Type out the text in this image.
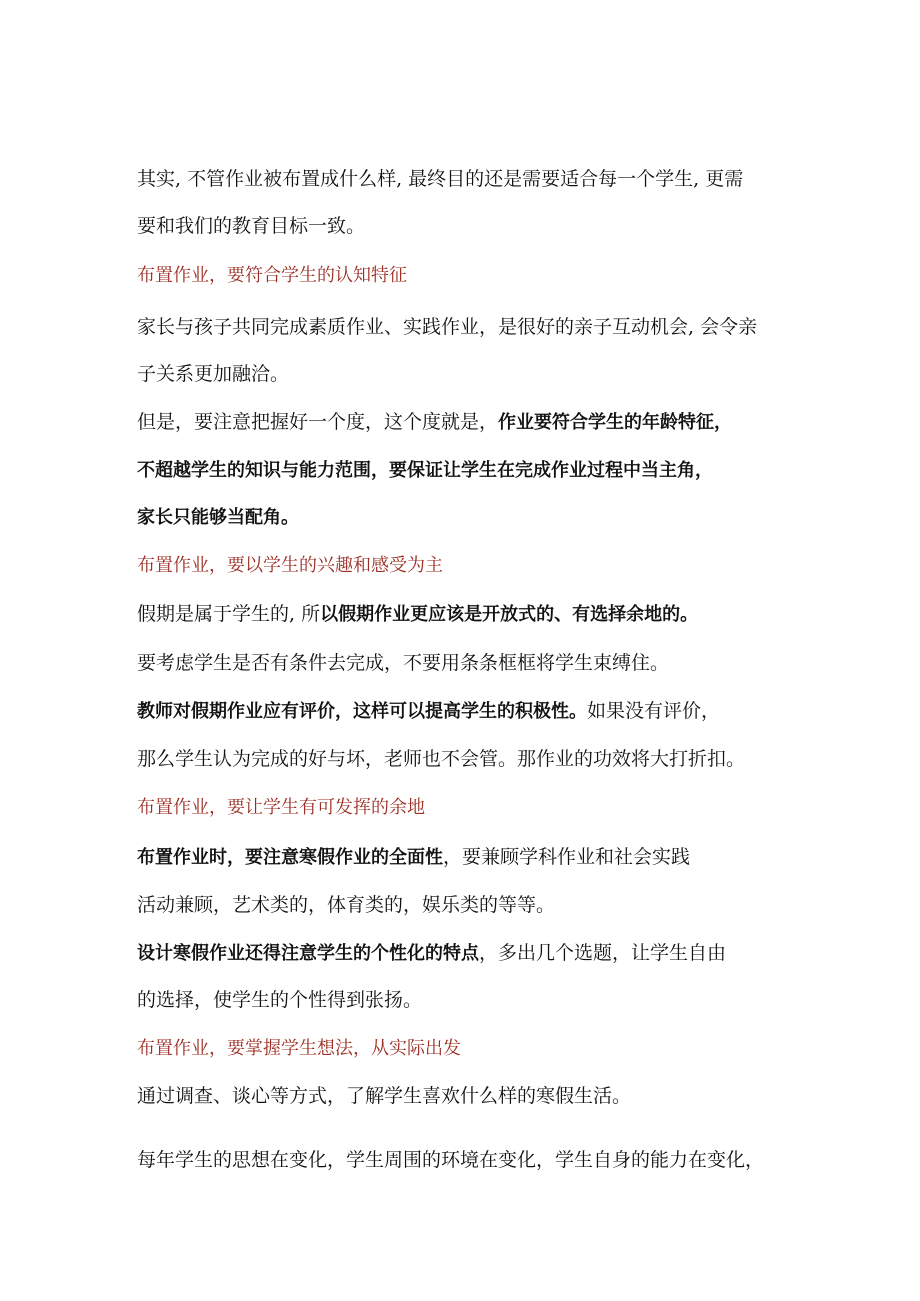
其实, 不管作业被布置成什么样, 最终目的还是需要适合每一个学生, 更需
要和我们的教育目标一致。
布置作业，要符合学生的认知特征
家长与孩子共同完成素质作业、实践作业，是很好的亲子互动机会, 会令亲
子关系更加融洽。
但是，要注意把握好一个度，这个度就是，作业要符合学生的年龄特征，
不超越学生的知识与能力范围，要保证让学生在完成作业过程中当主角，
家长只能够当配角。
布置作业，要以学生的兴趣和感受为主
假期是属于学生的, 所以假期作业更应该是开放式的、有选择余地的。
要考虑学生是否有条件去完成，不要用条条框框将学生束缚住。
教师对假期作业应有评价，这样可以提高学生的积极性。如果没有评价，
那么学生认为完成的好与坏，老师也不会管。那作业的功效将大打折扣。
布置作业，要让学生有可发挥的余地
布置作业时，要注意寒假作业的全面性，要兼顾学科作业和社会实践
活动兼顾，艺术类的，体育类的，娱乐类的等等。
设计寒假作业还得注意学生的个性化的特点，多出几个选题，让学生自由
的选择，使学生的个性得到张扬。
布置作业，要掌握学生想法，从实际出发
通过调查、谈心等方式，了解学生喜欢什么样的寒假生活。
每年学生的思想在变化，学生周围的环境在变化，学生自身的能力在变化，
